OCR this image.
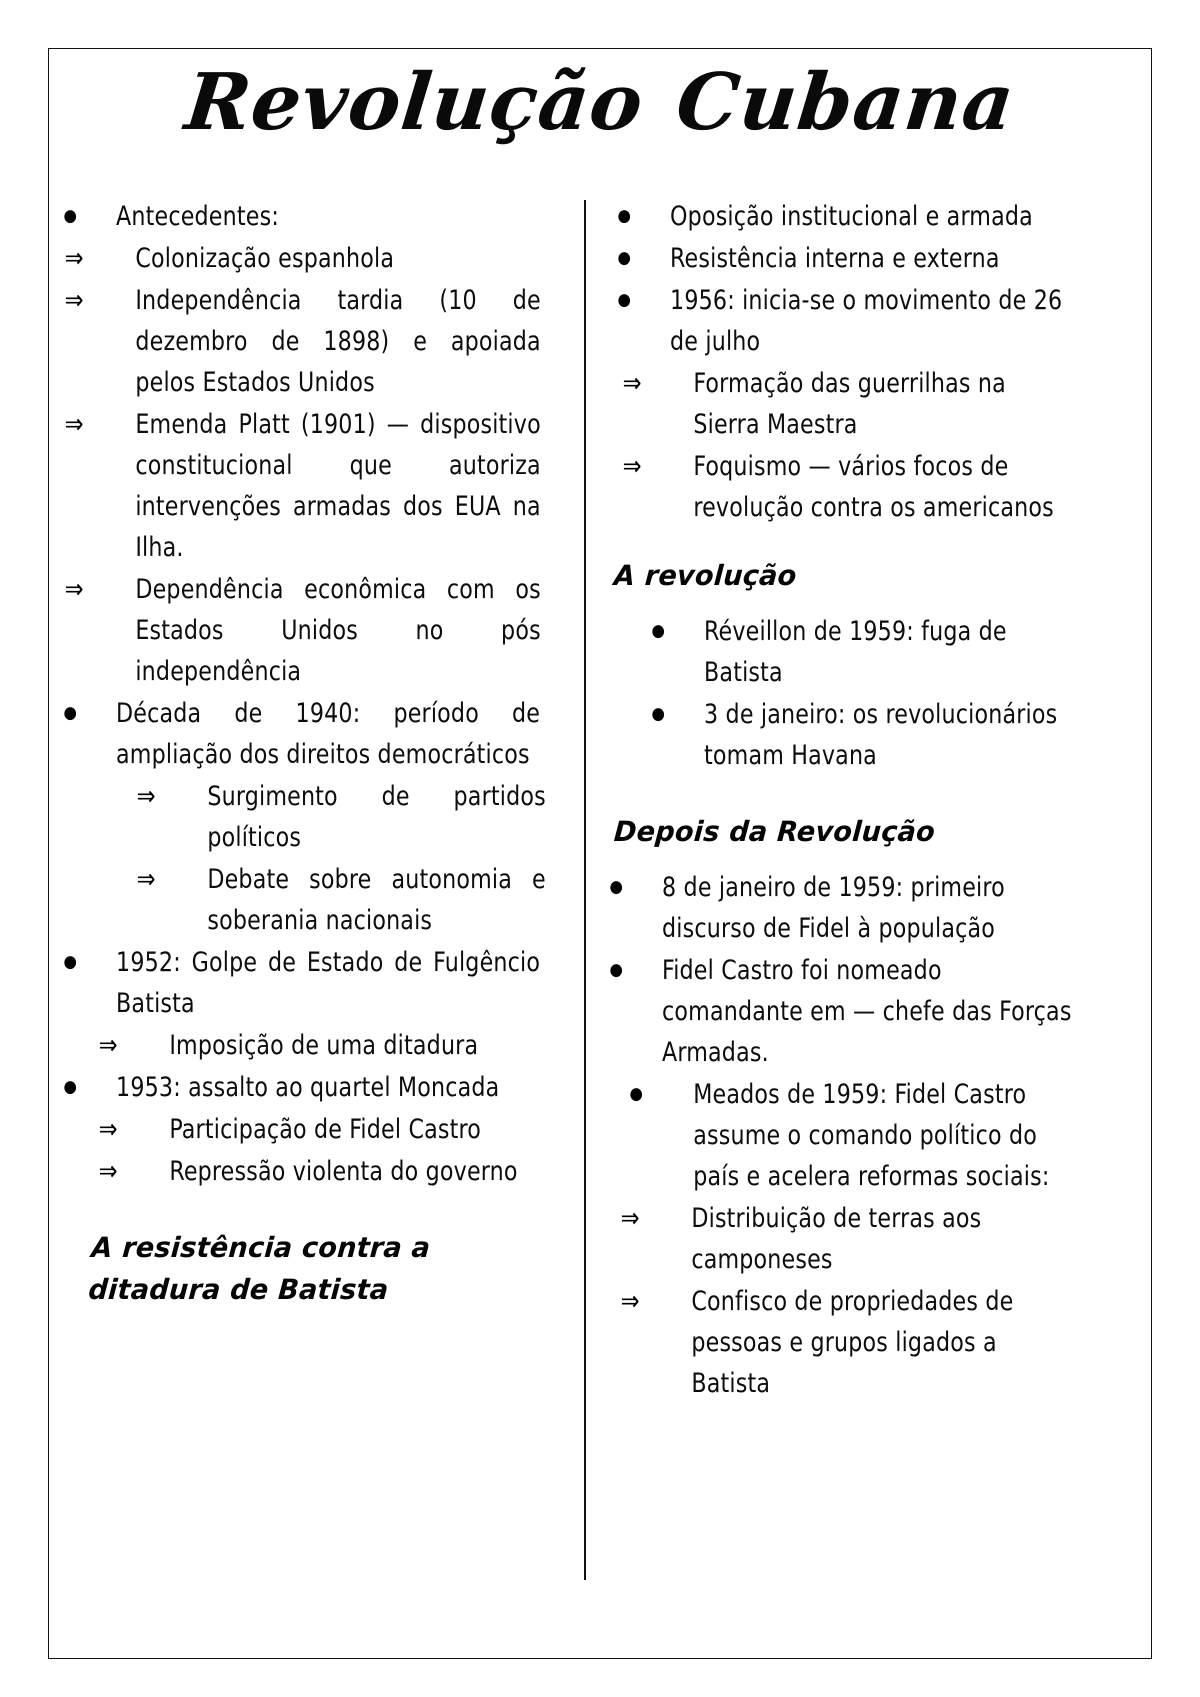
Revolução Cubana
● Antecedentes:
⇒ Colonização espanhola
⇒ Independência tardia (10 de dezembro de 1898) e apoiada pelos Estados Unidos
⇒ Emenda Platt (1901) — dispositivo constitucional que autoriza intervenções armadas dos EUA na Ilha.
⇒ Dependência econômica com os Estados Unidos no pós independência
● Década de 1940: período de ampliação dos direitos democráticos
⇒ Surgimento de partidos políticos
⇒ Debate sobre autonomia e soberania nacionais
● 1952: Golpe de Estado de Fulgêncio Batista
⇒ Imposição de uma ditadura
● 1953: assalto ao quartel Moncada
⇒ Participação de Fidel Castro
⇒ Repressão violenta do governo
A resistência contra a ditadura de Batista
● Oposição institucional e armada
● Resistência interna e externa
● 1956: inicia-se o movimento de 26 de julho
⇒ Formação das guerrilhas na Sierra Maestra
⇒ Foquismo — vários focos de revolução contra os americanos
A revolução
● Réveillon de 1959: fuga de Batista
● 3 de janeiro: os revolucionários tomam Havana
Depois da Revolução
● 8 de janeiro de 1959: primeiro discurso de Fidel à população
● Fidel Castro foi nomeado comandante em — chefe das Forças Armadas.
● Meados de 1959: Fidel Castro assume o comando político do país e acelera reformas sociais:
⇒ Distribuição de terras aos camponeses
⇒ Confisco de propriedades de pessoas e grupos ligados a Batista
